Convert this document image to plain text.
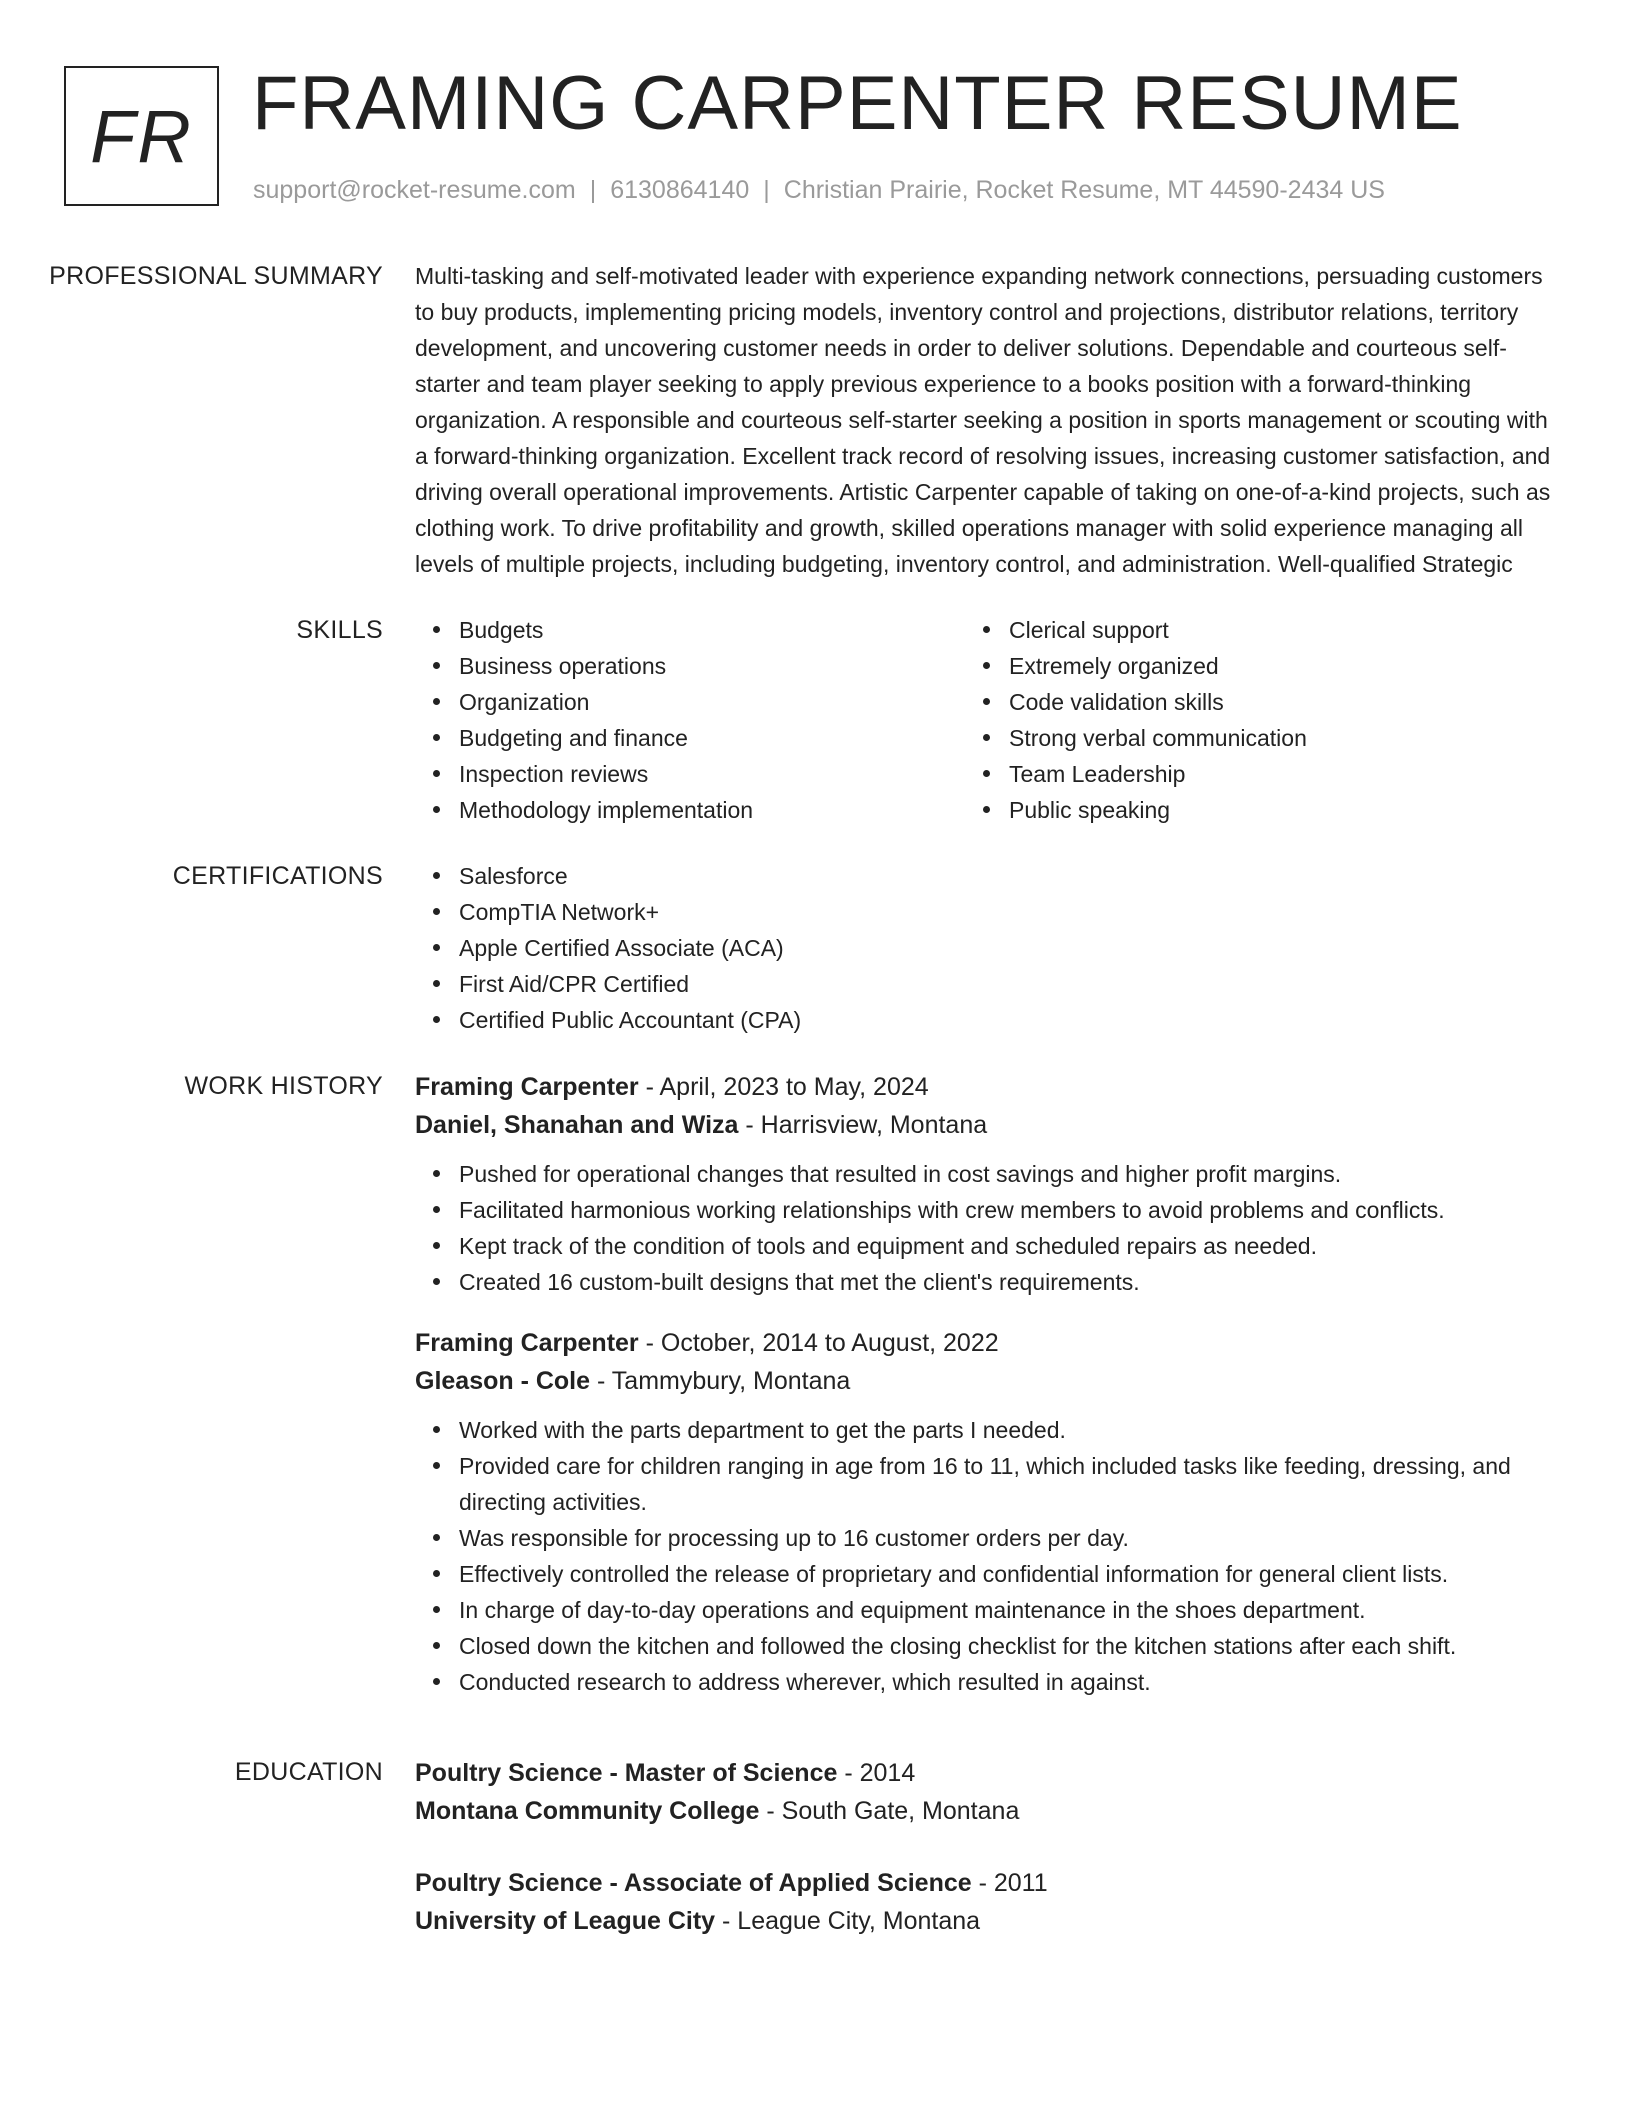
FR FRAMING CARPENTER RESUME
support@rocket-resume.com | 6130864140 | Christian Prairie, Rocket Resume, MT 44590-2434 US
PROFESSIONAL SUMMARY	Multi-tasking and self-motivated leader with experience expanding network connections, persuading customers to buy products, implementing pricing models, inventory control and projections, distributor relations, territory development, and uncovering customer needs in order to deliver solutions. Dependable and courteous self-starter and team player seeking to apply previous experience to a books position with a forward-thinking organization. A responsible and courteous self-starter seeking a position in sports management or scouting with a forward-thinking organization. Excellent track record of resolving issues, increasing customer satisfaction, and driving overall operational improvements. Artistic Carpenter capable of taking on one-of-a-kind projects, such as clothing work. To drive profitability and growth, skilled operations manager with solid experience managing all levels of multiple projects, including budgeting, inventory control, and administration. Well-qualified Strategic

SKILLS	Budgets
Business operations
Organization
Budgeting and finance
Inspection reviews
Methodology implementation
Clerical support
Extremely organized
Code validation skills
Strong verbal communication
Team Leadership
Public speaking
CERTIFICATIONS	Salesforce
CompTIA Network+
Apple Certified Associate (ACA)
First Aid/CPR Certified
Certified Public Accountant (CPA)
WORK HISTORY	Framing Carpenter - April, 2023 to May, 2024
Daniel, Shanahan and Wiza - Harrisview, Montana
Pushed for operational changes that resulted in cost savings and higher profit margins.
Facilitated harmonious working relationships with crew members to avoid problems and conflicts.
Kept track of the condition of tools and equipment and scheduled repairs as needed.
Created 16 custom-built designs that met the client's requirements.
Framing Carpenter - October, 2014 to August, 2022
Gleason - Cole - Tammybury, Montana
Worked with the parts department to get the parts I needed.
Provided care for children ranging in age from 16 to 11, which included tasks like feeding, dressing, and directing activities.
Was responsible for processing up to 16 customer orders per day.
Effectively controlled the release of proprietary and confidential information for general client lists.
In charge of day-to-day operations and equipment maintenance in the shoes department.
Closed down the kitchen and followed the closing checklist for the kitchen stations after each shift.
Conducted research to address wherever, which resulted in against.
EDUCATION	Poultry Science - Master of Science - 2014
Montana Community College - South Gate, Montana
Poultry Science - Associate of Applied Science - 2011
University of League City - League City, Montana
